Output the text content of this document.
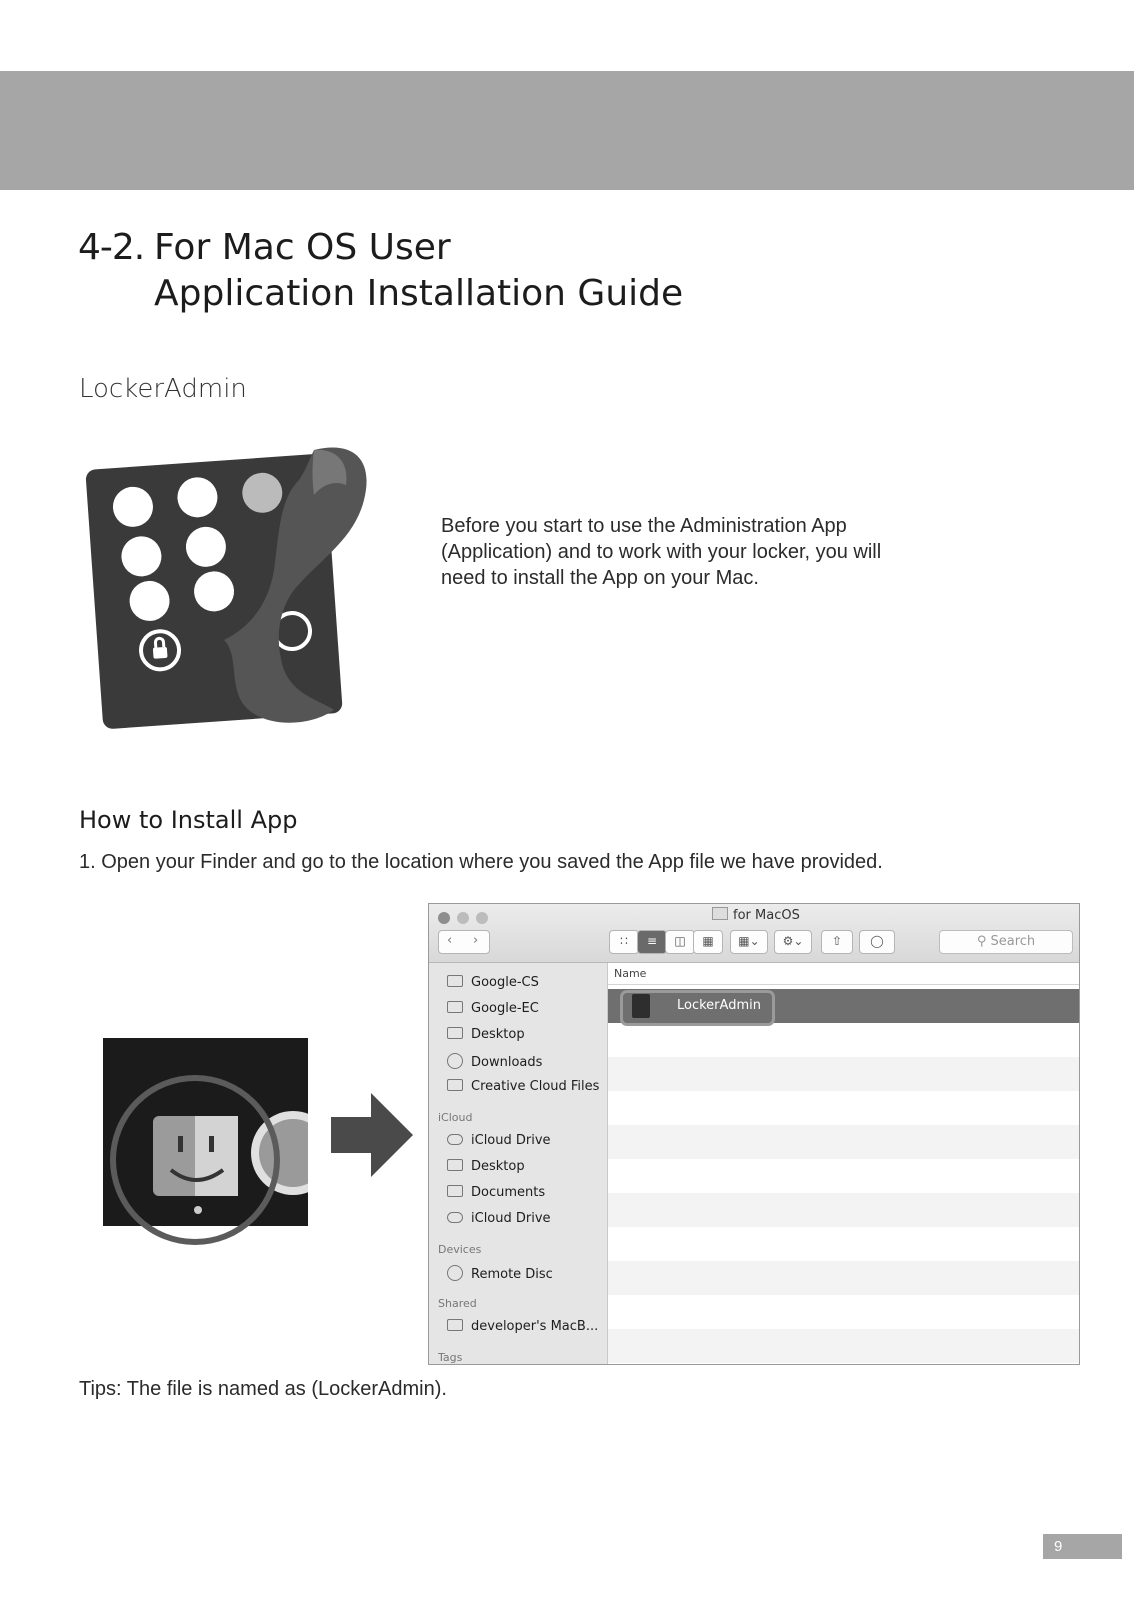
4-2. For Mac OS User
Application Installation Guide
LockerAdmin
Before you start to use the Administration App (Application) and to work with your locker, you will need to install the App on your Mac.
How to Install App
1. Open your Finder and go to the location where you saved the App file we have provided.
for MacOS
‹ ›	∷	≡	◫	▦	▦⌄	⚙⌄	⇧	◯	⚲ Search
Google-CS
Google-EC
Desktop
Downloads
Creative Cloud Files
iCloud
iCloud Drive
Desktop
Documents
iCloud Drive
Devices
Remote Disc
Shared
developer's MacB...
Tags
Name
LockerAdmin
Tips: The file is named as (LockerAdmin).
9
